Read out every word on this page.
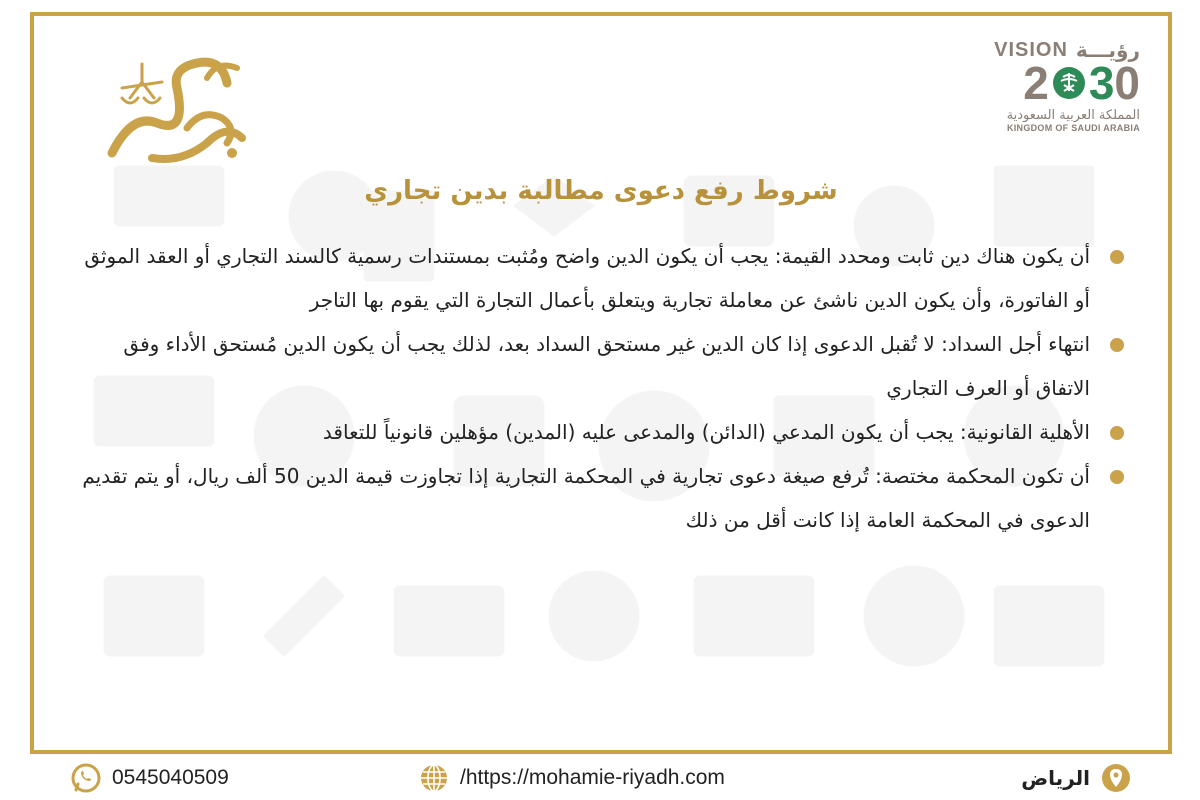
VISION رؤيـــة
2 3 0
المملكة العربية السعودية
KINGDOM OF SAUDI ARABIA
شروط رفع دعوى مطالبة بدين تجاري
أن يكون هناك دين ثابت ومحدد القيمة: يجب أن يكون الدين واضح ومُثبت بمستندات رسمية كالسند التجاري أو العقد الموثق أو الفاتورة، وأن يكون الدين ناشئ عن معاملة تجارية ويتعلق بأعمال التجارة التي يقوم بها التاجر
انتهاء أجل السداد: لا تُقبل الدعوى إذا كان الدين غير مستحق السداد بعد، لذلك يجب أن يكون الدين مُستحق الأداء وفق الاتفاق أو العرف التجاري
الأهلية القانونية: يجب أن يكون المدعي (الدائن) والمدعى عليه (المدين) مؤهلين قانونياً للتعاقد
أن تكون المحكمة مختصة: تُرفع صيغة دعوى تجارية في المحكمة التجارية إذا تجاوزت قيمة الدين 50 ألف ريال، أو يتم تقديم الدعوى في المحكمة العامة إذا كانت أقل من ذلك
0545040509	/https://mohamie-riyadh.com	الرياض
